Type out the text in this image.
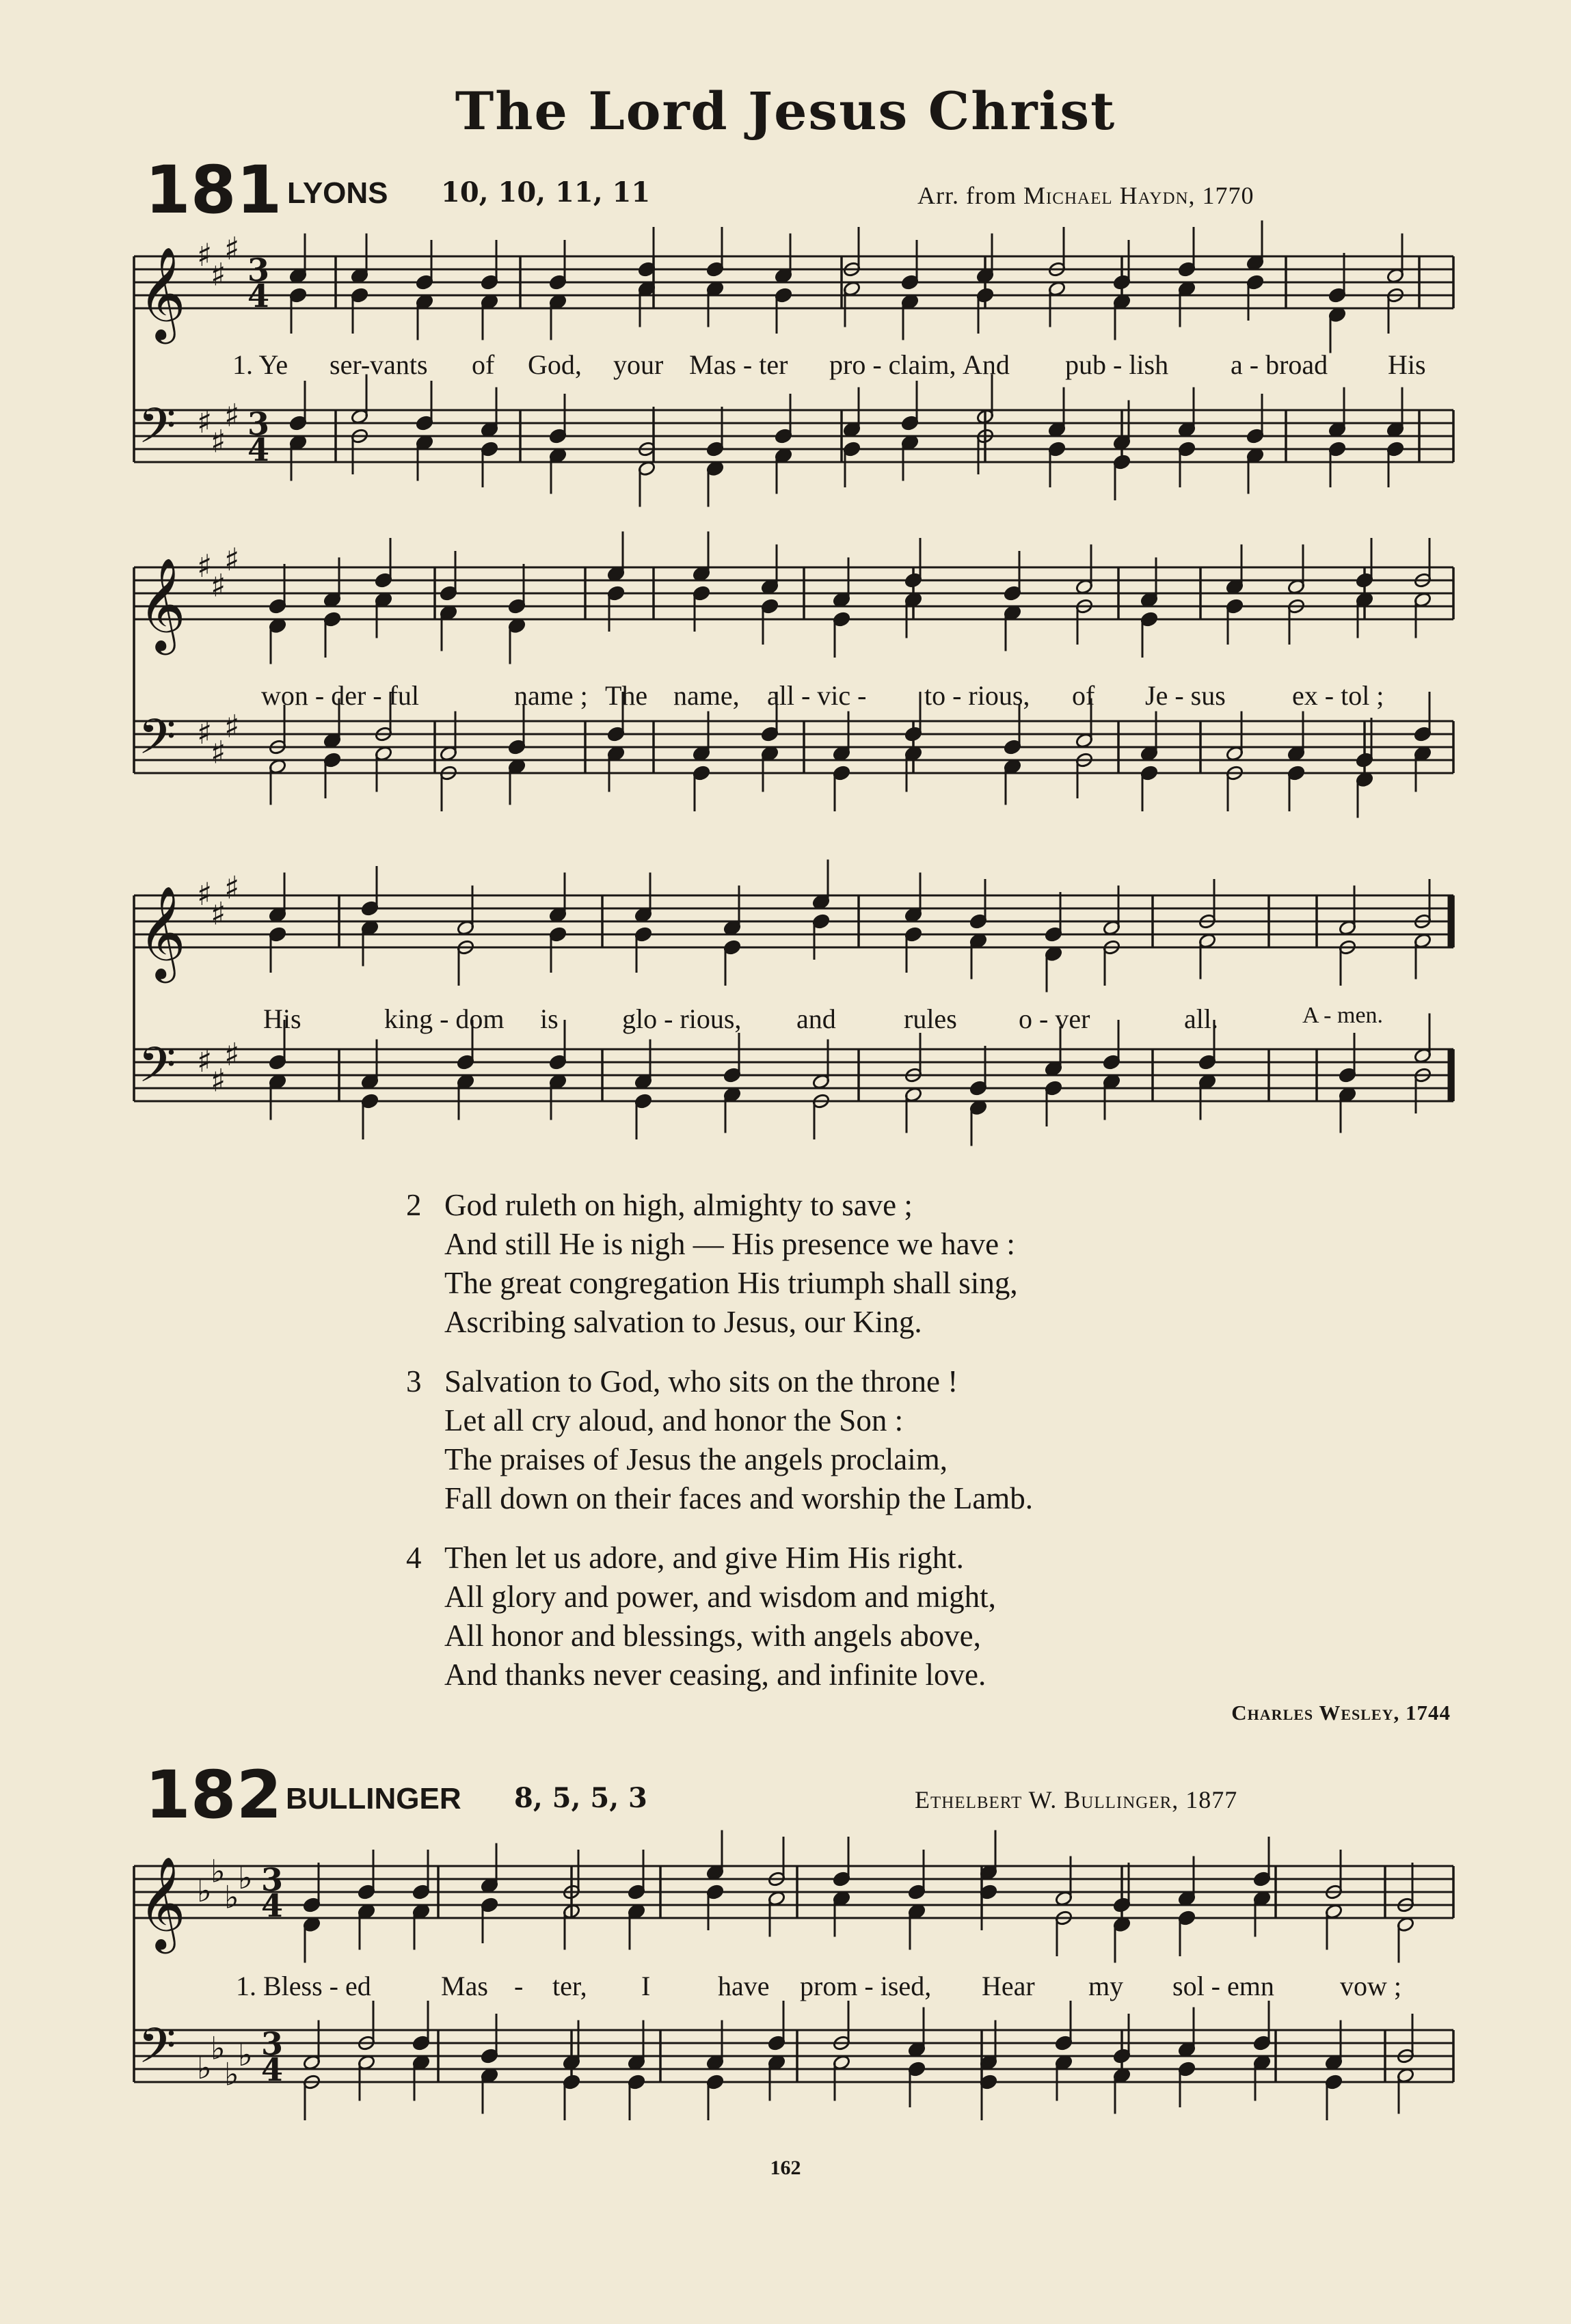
The Lord Jesus Christ
181 LYONS 10, 10, 11, 11	Arr. from Michael Haydn, 1770
𝄞 ♯
♯
♯
3
4
𝄢 ♯
♯
♯ 3
4
𝄞 ♯
♯
♯
𝄢 ♯
♯
♯
𝄞 ♯
♯
♯
𝄢 ♯
♯
♯
𝄞 ♭
♭
♭
♭ 3
4
𝄢 ♭
♭
♭
♭ 3
4
1. Ye ser-vants of God, your Mas - ter pro - claim, And pub - lish a - broad His
won - der - ful	name ; The name, all - vic - to - rious, of Je - sus ex - tol ;
His	king - dom is glo - rious, and rules o - ver	all.	A - men.
2 God ruleth on high, almighty to save ;
And still He is nigh — His presence we have :
The great congregation His triumph shall sing,
Ascribing salvation to Jesus, our King.
3 Salvation to God, who sits on the throne !
Let all cry aloud, and honor the Son :
The praises of Jesus the angels proclaim,
Fall down on their faces and worship the Lamb.
4 Then let us adore, and give Him His right.
All glory and power, and wisdom and might,
All honor and blessings, with angels above,
And thanks never ceasing, and infinite love.
Charles Wesley, 1744
182 BULLINGER 8, 5, 5, 3	Ethelbert W. Bullinger, 1877
1. Bless - ed	Mas - ter, I have prom - ised, Hear my sol - emn vow ;
162
